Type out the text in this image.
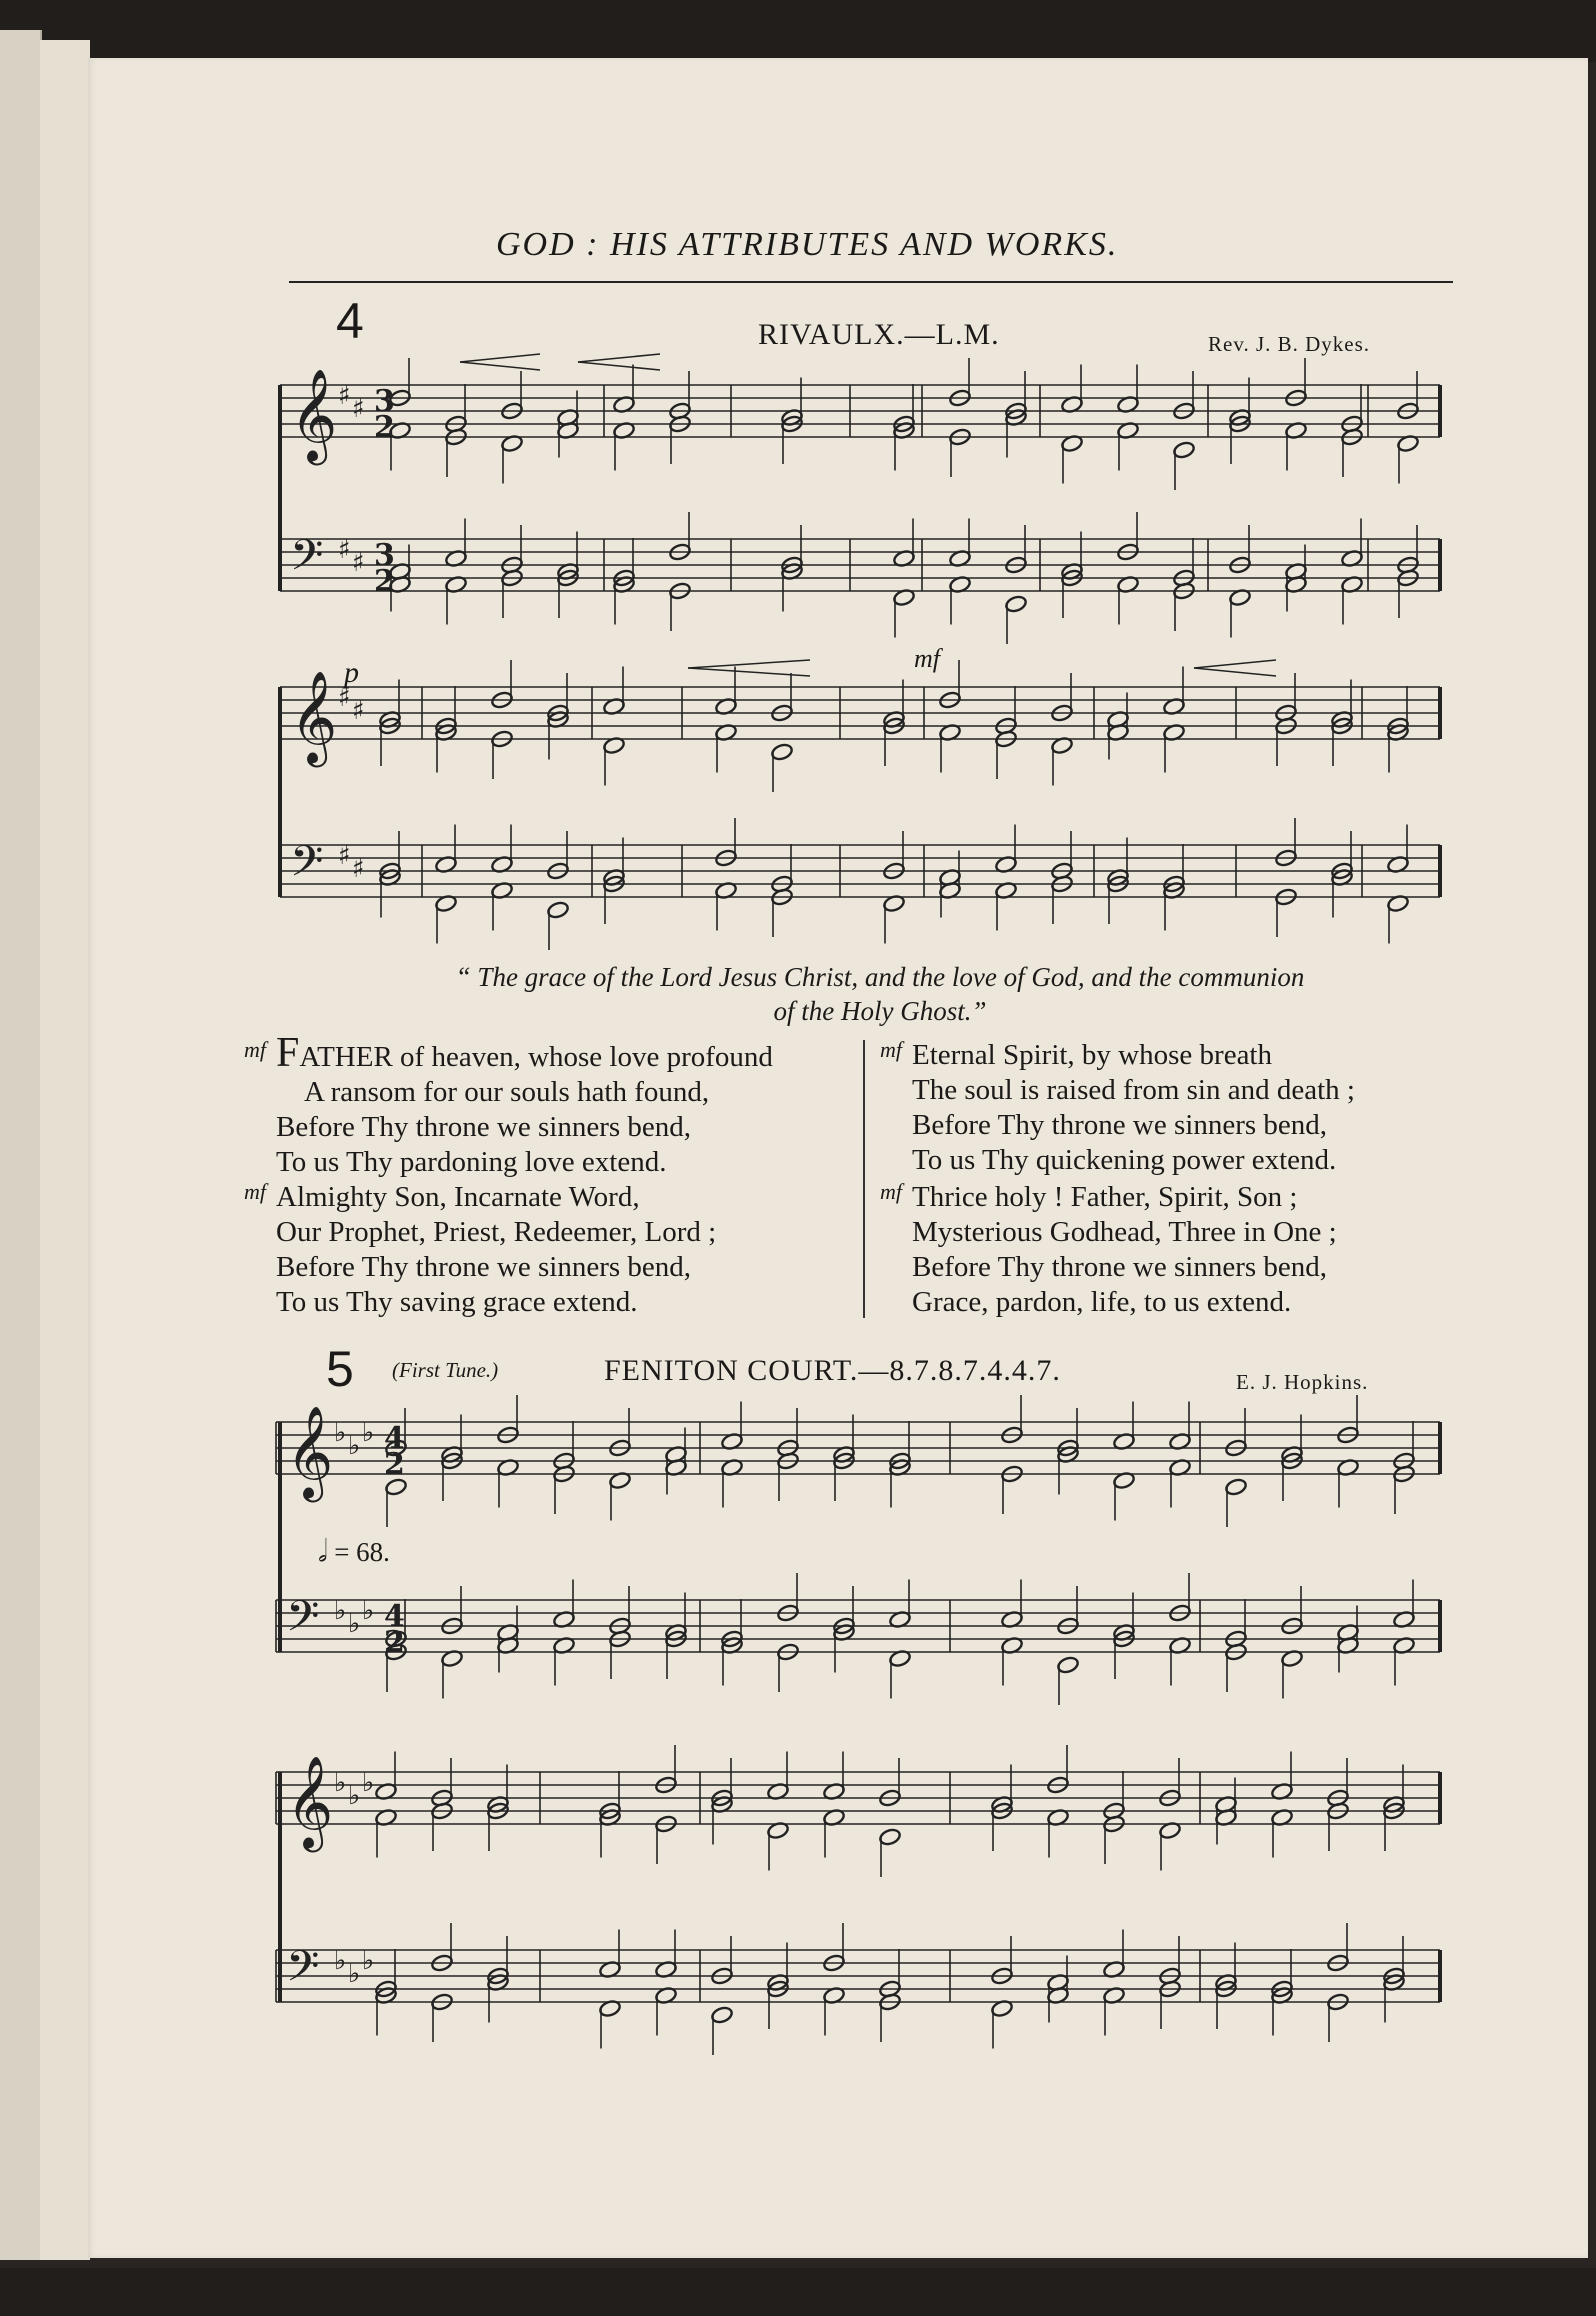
GOD : HIS ATTRIBUTES AND WORKS.
4	RIVAULX.—L.M.	Rev. J. B. Dykes.
𝄞 ♯ ♯ 3
2
𝄢 ♯ ♯ 3
2
𝄞 ♯ ♯
𝄢 ♯ ♯
𝄞 ♭ ♭ ♭ 4
2
𝄢 ♭ ♭ ♭ 4
2
𝄞 ♭ ♭ ♭
𝄢 ♭ ♭ ♭
p	mf
“ The grace of the Lord Jesus Christ, and the love of God, and the communion
of the Holy Ghost.”
mf FATHER of heaven, whose love profound
A ransom for our souls hath found,
Before Thy throne we sinners bend,
To us Thy pardoning love extend.
mf Almighty Son, Incarnate Word,
Our Prophet, Priest, Redeemer, Lord ;
Before Thy throne we sinners bend,
To us Thy saving grace extend.
mf Eternal Spirit, by whose breath
The soul is raised from sin and death ;
Before Thy throne we sinners bend,
To us Thy quickening power extend.
mf Thrice holy ! Father, Spirit, Son ;
Mysterious Godhead, Three in One ;
Before Thy throne we sinners bend,
Grace, pardon, life, to us extend.
5 (First Tune.)	FENITON COURT.—8.7.8.7.4.4.7.	E. J. Hopkins.
𝅗𝅥 = 68.
